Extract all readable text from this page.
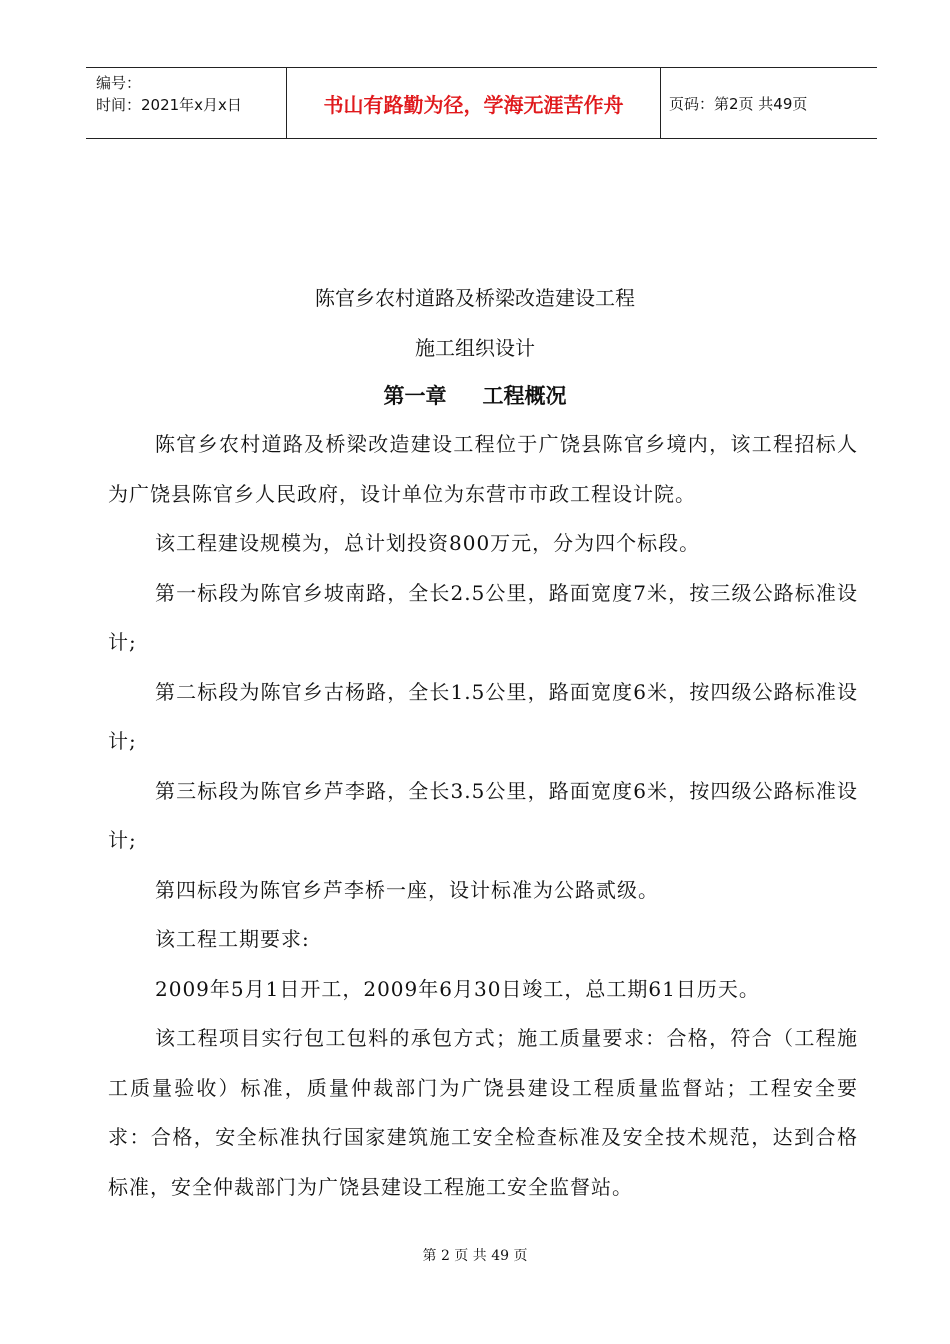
编号：
时间：2021年x月x日	书山有路勤为径，学海无涯苦作舟	页码：第2页 共49页
陈官乡农村道路及桥梁改造建设工程
施工组织设计
第一章 工程概况

陈官乡农村道路及桥梁改造建设工程位于广饶县陈官乡境内，该工程招标人为广饶县陈官乡人民政府，设计单位为东营市市政工程设计院。

该工程建设规模为，总计划投资800万元，分为四个标段。

第一标段为陈官乡坡南路，全长2.5公里，路面宽度7米，按三级公路标准设计;

第二标段为陈官乡古杨路，全长1.5公里，路面宽度6米，按四级公路标准设计;

第三标段为陈官乡芦李路，全长3.5公里，路面宽度6米，按四级公路标准设计;

第四标段为陈官乡芦李桥一座，设计标准为公路贰级。

该工程工期要求:

2009年5月1日开工，2009年6月30日竣工，总工期61日历天。

该工程项目实行包工包料的承包方式；施工质量要求：合格，符合（工程施工质量验收）标准，质量仲裁部门为广饶县建设工程质量监督站；工程安全要求：合格，安全标准执行国家建筑施工安全检查标准及安全技术规范，达到合格标准，安全仲裁部门为广饶县建设工程施工安全监督站。

第 2 页 共 49 页
